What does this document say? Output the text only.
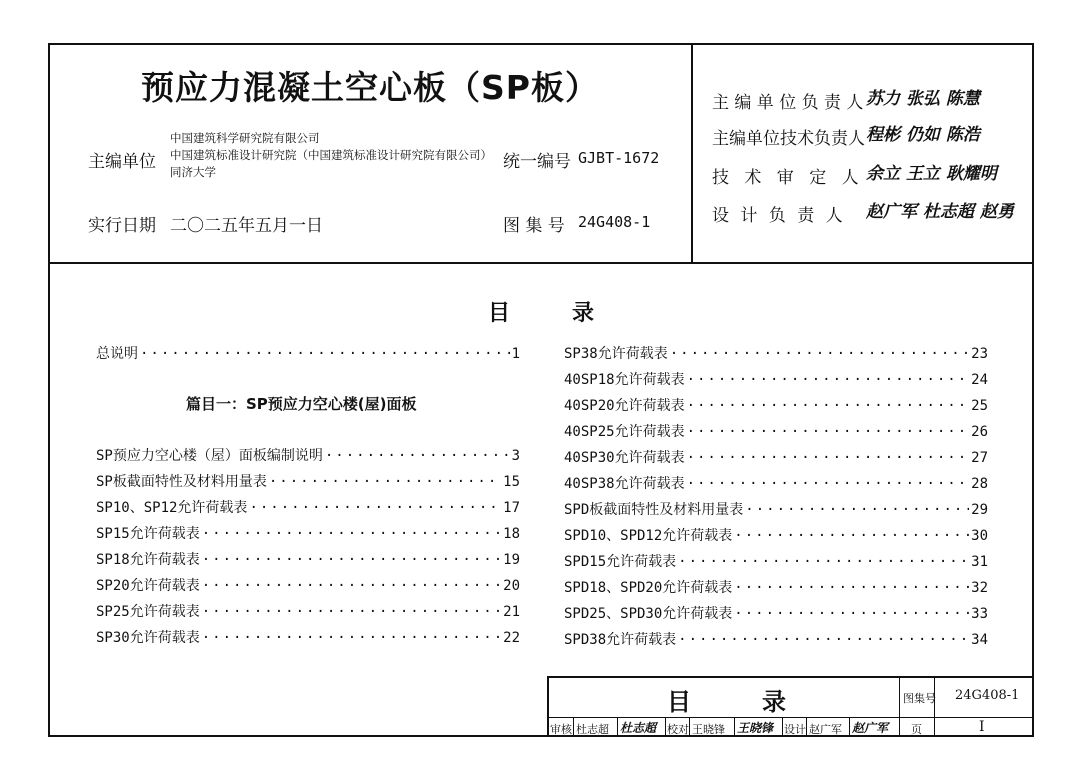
预应力混凝土空心板（SP板）
主编单位
中国建筑科学研究院有限公司
中国建筑标准设计研究院（中国建筑标准设计研究院有限公司）
同济大学	统一编号 GJBT-1672
实行日期 二〇二五年五月一日	图 集 号 24G408-1
主 编 单 位 负 责 人 苏力 张弘 陈慧
主编单位技术负责人 程彬 仍如 陈浩
技 术 审 定 人 余立 王立 耿耀明
设 计 负 责 人 赵广军 杜志超 赵勇
目	录
总说明 ·····	1
篇目一：SP预应力空心楼(屋)面板
SP预应力空心楼（屋）面板编制说明 ·····	3
SP板截面特性及材料用量表 ·····	15
SP10、SP12允许荷载表 ·····	17
SP15允许荷载表 ·····	18
SP18允许荷载表 ·····	19
SP20允许荷载表 ·····	20
SP25允许荷载表 ·····	21
SP30允许荷载表 ·····	22
SP38允许荷载表 ·····	23
40SP18允许荷载表 ·····	24
40SP20允许荷载表 ·····	25
40SP25允许荷载表 ·····	26
40SP30允许荷载表 ·····	27
40SP38允许荷载表 ·····	28
SPD板截面特性及材料用量表 ·····	29
SPD10、SPD12允许荷载表 ·····	30
SPD15允许荷载表 ·····	31
SPD18、SPD20允许荷载表 ·····	32
SPD25、SPD30允许荷载表 ·····	33
SPD38允许荷载表 ·····	34
目	录	图集号 24G408-1
审核 杜志超 杜志超 校对 王晓锋 王晓锋 设计 赵广军 赵广军 页	I
